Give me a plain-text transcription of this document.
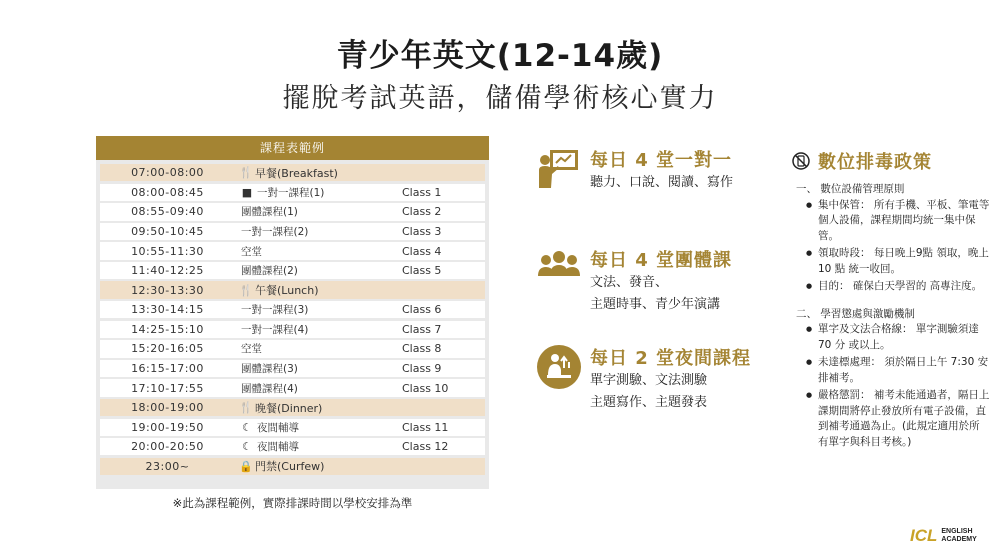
青少年英文(12-14歲)
擺脫考試英語，儲備學術核心實力
課程表範例
07:00-08:00	🍴 早餐(Breakfast)
08:00-08:45	■ 一對一課程(1)	Class 1
08:55-09:40	團體課程(1)	Class 2
09:50-10:45	一對一課程(2)	Class 3
10:55-11:30	空堂	Class 4
11:40-12:25	團體課程(2)	Class 5
12:30-13:30	🍴 午餐(Lunch)
13:30-14:15	一對一課程(3)	Class 6
14:25-15:10	一對一課程(4)	Class 7
15:20-16:05	空堂	Class 8
16:15-17:00	團體課程(3)	Class 9
17:10-17:55	團體課程(4)	Class 10
18:00-19:00	🍴 晚餐(Dinner)
19:00-19:50	☾ 夜間輔導	Class 11
20:00-20:50	☾ 夜間輔導	Class 12
23:00~	🔒 門禁(Curfew)
※此為課程範例，實際排課時間以學校安排為準
每日 4 堂一對一
聽力、口說、閱讀、寫作
每日 4 堂團體課
文法、發音、
主題時事、青少年演講
每日 2 堂夜間課程
單字測驗、文法測驗
主題寫作、主題發表
數位排毒政策
一、 數位設備管理原則
● 集中保管： 所有手機、平板、筆電等個人設備，課程期間均統一集中保管。
● 領取時段： 每日晚上9點 領取，晚上 10 點 統一收回。
● 目的： 確保白天學習的 高專注度。
二、 學習懲處與激勵機制
● 單字及文法合格線： 單字測驗須達 70 分 或以上。
● 未達標處理： 須於隔日上午 7:30 安排補考。
● 嚴格懲罰： 補考未能通過者，隔日上課期間將停止發放所有電子設備，直到補考通過為止。(此規定適用於所有單字與科目考核。)
ICL ENGLISH
ACADEMY
